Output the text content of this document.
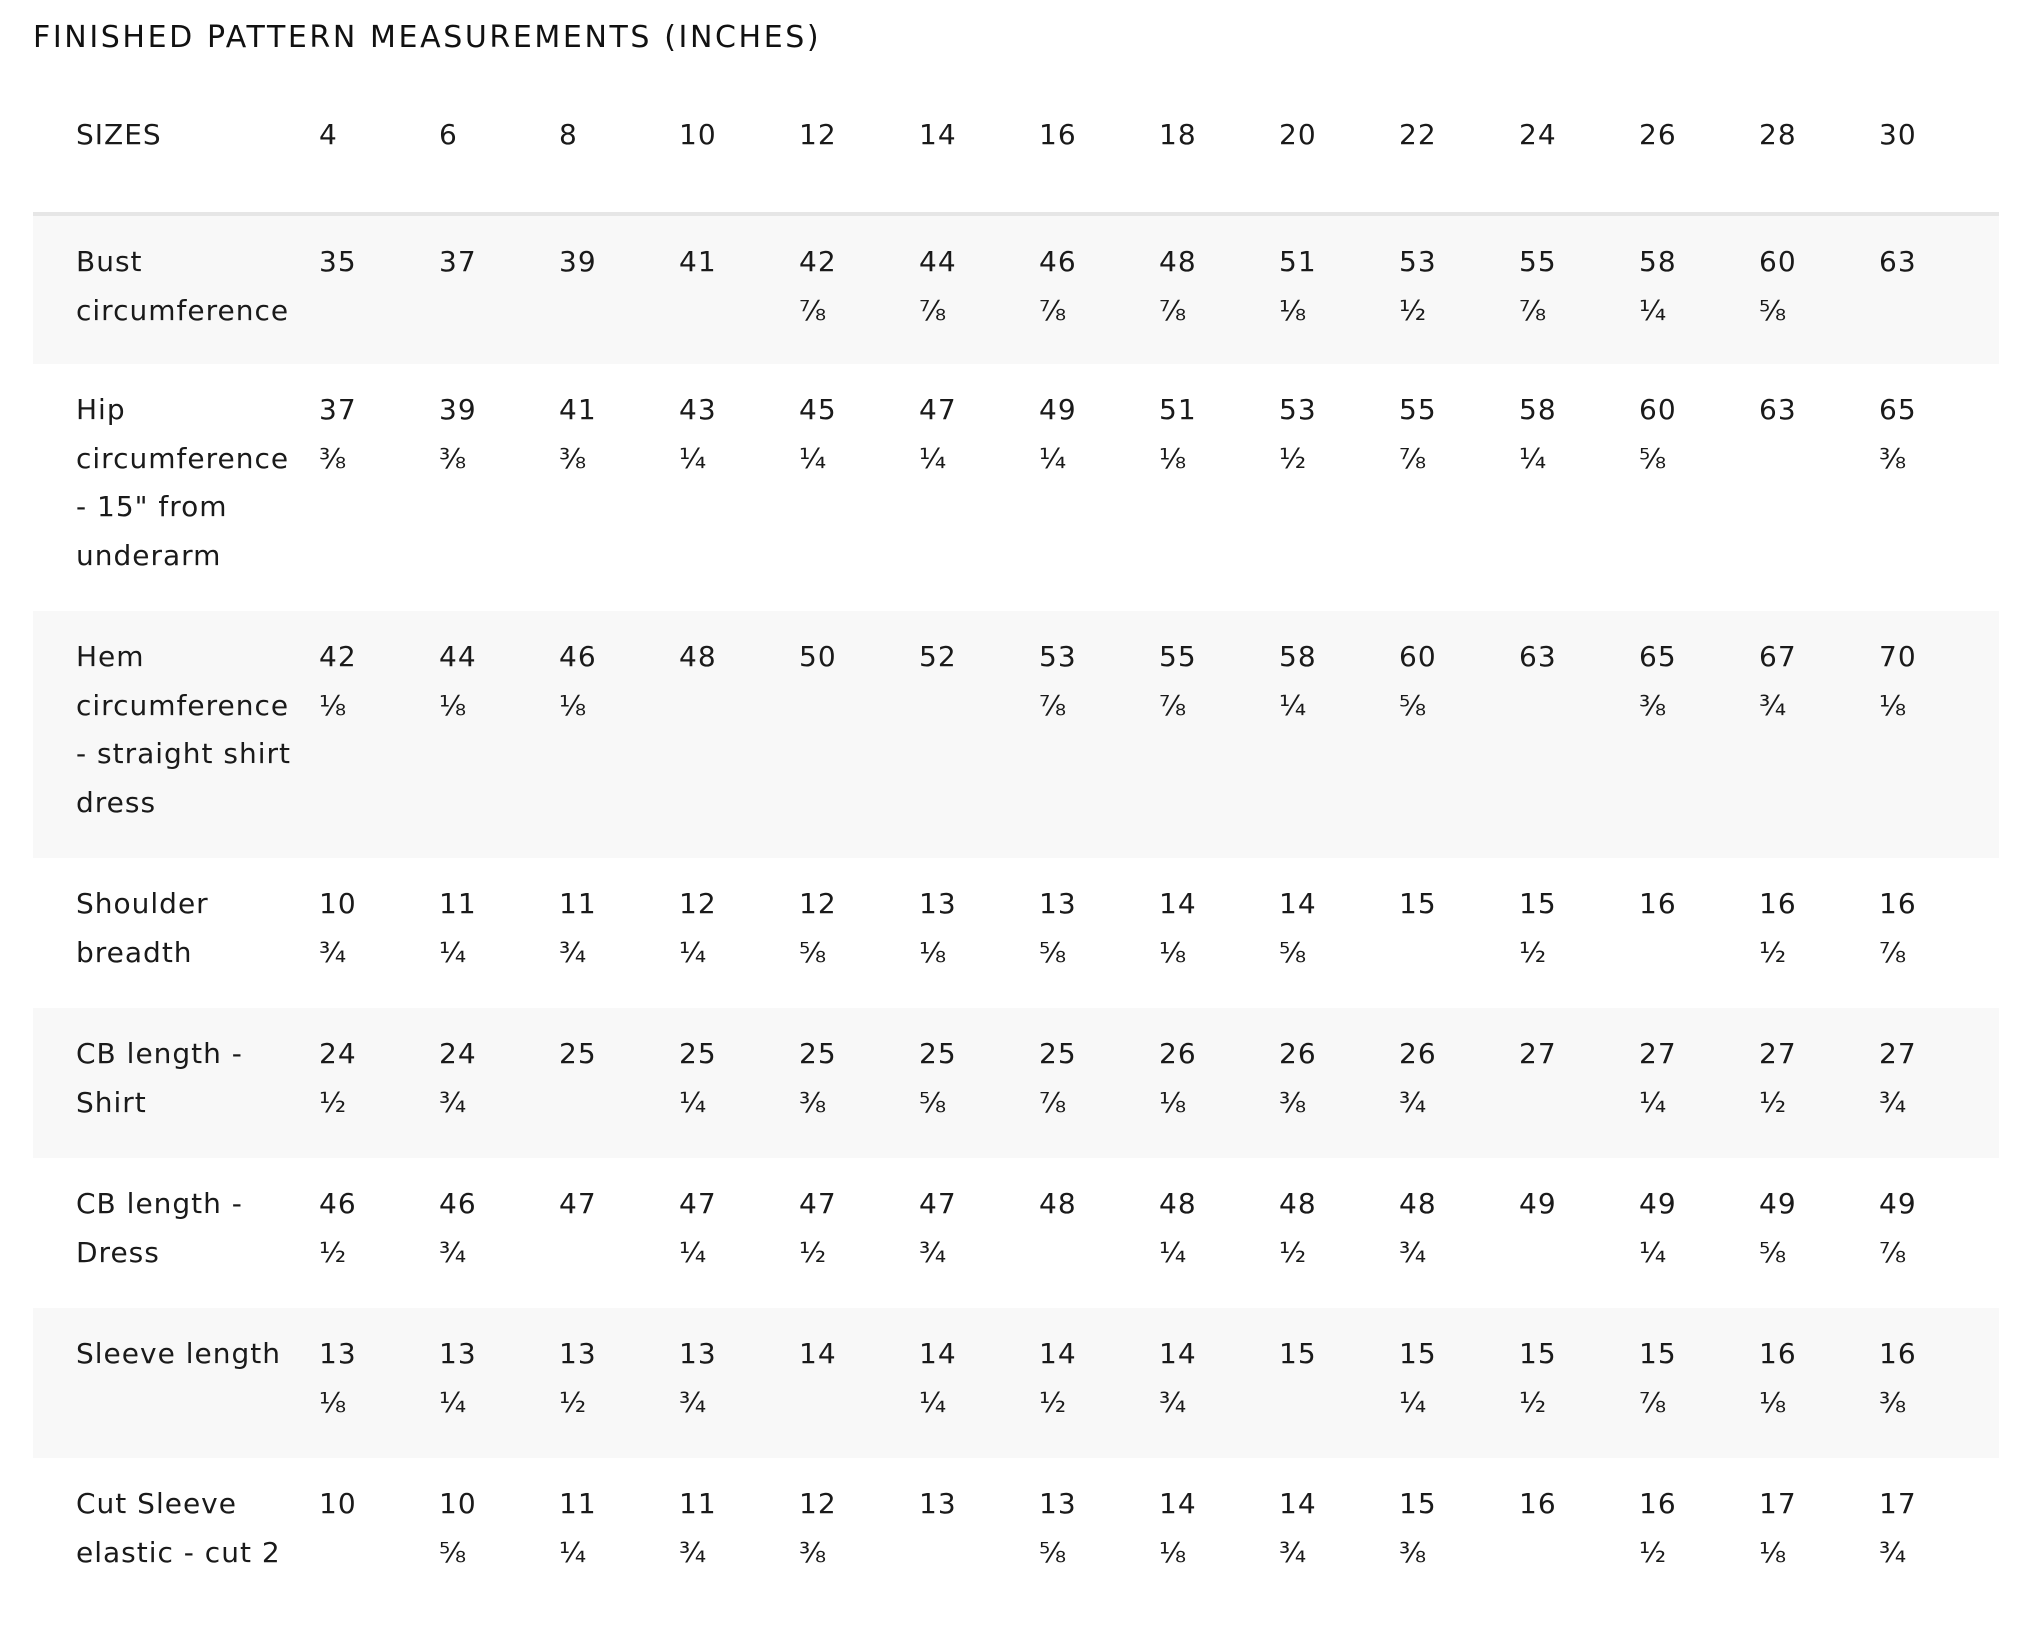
FINISHED PATTERN MEASUREMENTS (INCHES)
SIZES	4	6	8	10	12	14	16	18	20	22	24	26	28	30
Bust circumference	35	37	39	41	42 ⅞	44 ⅞	46 ⅞	48 ⅞	51 ⅛	53 ½	55 ⅞	58 ¼	60 ⅝	63

Hip circumference - 15" from underarm	37 ⅜	39 ⅜	41 ⅜	43 ¼	45 ¼	47 ¼	49 ¼	51 ⅛	53 ½	55 ⅞	58 ¼	60 ⅝	63	65 ⅜

Hem circumference - straight shirt dress	42 ⅛	44 ⅛	46 ⅛	48	50	52	53 ⅞	55 ⅞	58 ¼	60 ⅝	63	65 ⅜	67 ¾	70 ⅛

Shoulder breadth	10 ¾	11 ¼	11 ¾	12 ¼	12 ⅝	13 ⅛	13 ⅝	14 ⅛	14 ⅝	15	15 ½	16	16 ½	16 ⅞

CB length - Shirt	24 ½	24 ¾	25	25 ¼	25 ⅜	25 ⅝	25 ⅞	26 ⅛	26 ⅜	26 ¾	27	27 ¼	27 ½	27 ¾

CB length - Dress	46 ½	46 ¾	47	47 ¼	47 ½	47 ¾	48	48 ¼	48 ½	48 ¾	49	49 ¼	49 ⅝	49 ⅞

Sleeve length	13 ⅛	13 ¼	13 ½	13 ¾	14	14 ¼	14 ½	14 ¾	15	15 ¼	15 ½	15 ⅞	16 ⅛	16 ⅜

Cut Sleeve elastic - cut 2	10	10 ⅝	11 ¼	11 ¾	12 ⅜	13	13 ⅝	14 ⅛	14 ¾	15 ⅜	16	16 ½	17 ⅛	17 ¾
